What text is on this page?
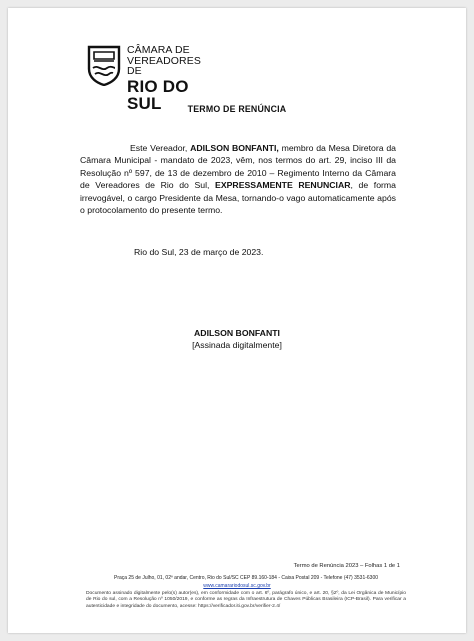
CÂMARA DE
VEREADORES DE
RIO DO SUL	TERMO DE RENÚNCIA

Este Vereador, ADILSON BONFANTI, membro da Mesa Diretora da Câmara Municipal - mandato de 2023, vêm, nos termos do art. 29, inciso III da Resolução nº 597, de 13 de dezembro de 2010 – Regimento Interno da Câmara de Vereadores de Rio do Sul, EXPRESSAMENTE RENUNCIAR, de forma irrevogável, o cargo Presidente da Mesa, tornando-o vago automaticamente após o protocolamento do presente termo.

Rio do Sul, 23 de março de 2023.
ADILSON BONFANTI
[Assinada digitalmente]
Termo de Renúncia 2023 – Folhas 1 de 1
Praça 25 de Julho, 01, 02º andar, Centro, Rio do Sul/SC CEP 89.160-184 - Caixa Postal 209 - Telefone (47) 3531-6300
www.camarariodosul.sc.gov.br
Documento assinado digitalmente pelo(s) autor(es), em conformidade com o art. 6º, parágrafo único, e art. 20, §2º, da Lei Orgânica de Município de Rio do sul, com a Resolução nº 1050/2019, e conforme as regras da Infraestrutura de Chaves Públicas Brasileira (ICP-Brasil). Para verificar a autenticidade e integridade do documento, acesse: https://verificador.iti.gov.br/verifier-2.4/
